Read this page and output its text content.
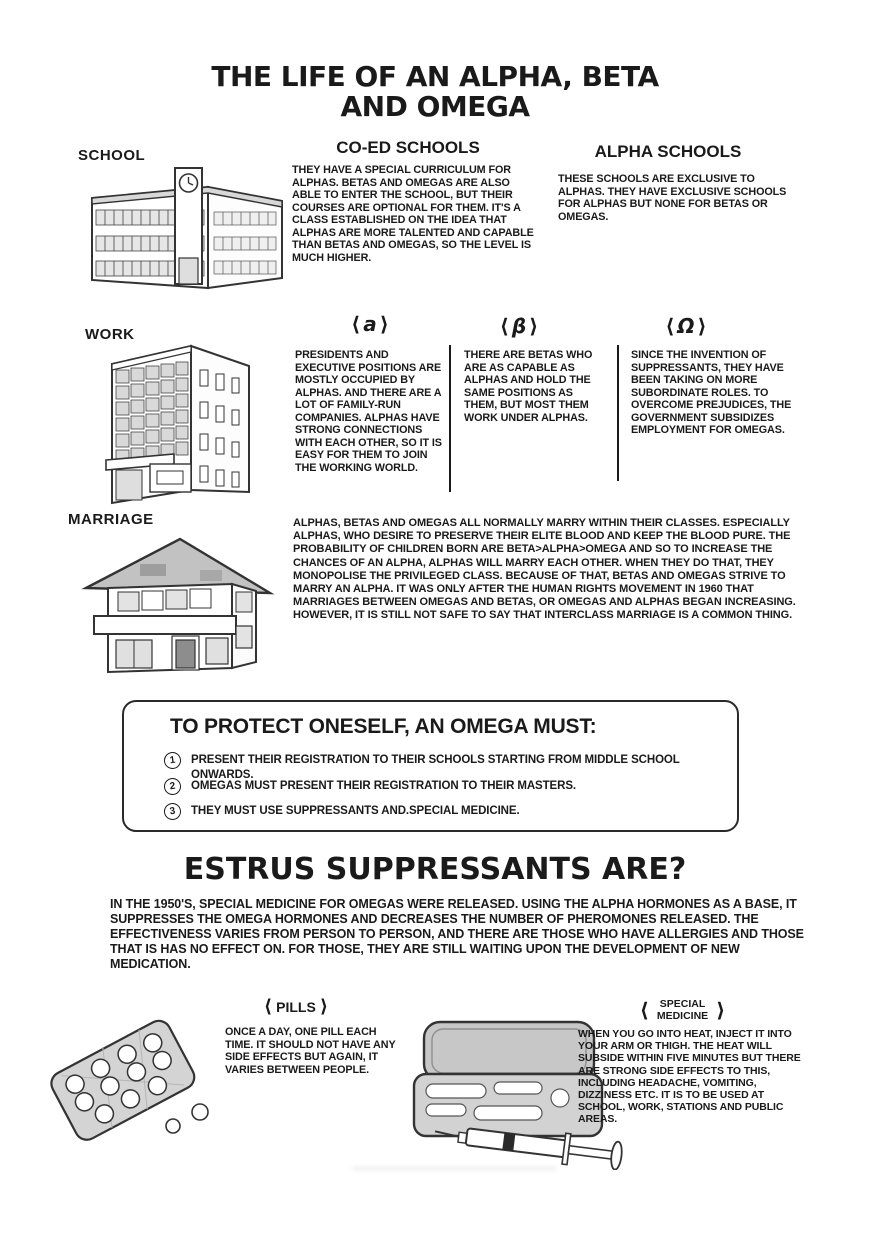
THE LIFE OF AN ALPHA, BETA
AND OMEGA
SCHOOL	CO-ED SCHOOLS
THEY HAVE A SPECIAL CURRICULUM FOR ALPHAS. BETAS AND OMEGAS ARE ALSO ABLE TO ENTER THE SCHOOL, BUT THEIR COURSES ARE OPTIONAL FOR THEM. IT'S A CLASS ESTABLISHED ON THE IDEA THAT ALPHAS ARE MORE TALENTED AND CAPABLE THAN BETAS AND OMEGAS, SO THE LEVEL IS MUCH HIGHER.
ALPHA SCHOOLS
THESE SCHOOLS ARE EXCLUSIVE TO ALPHAS. THEY HAVE EXCLUSIVE SCHOOLS FOR ALPHAS BUT NONE FOR BETAS OR OMEGAS.
WORK	⟨ a ⟩	⟨ β ⟩	⟨ Ω ⟩
PRESIDENTS AND EXECUTIVE POSITIONS ARE MOSTLY OCCUPIED BY ALPHAS. AND THERE ARE A LOT OF FAMILY-RUN COMPANIES. ALPHAS HAVE STRONG CONNECTIONS WITH EACH OTHER, SO IT IS EASY FOR THEM TO JOIN THE WORKING WORLD.
THERE ARE BETAS WHO ARE AS CAPABLE AS ALPHAS AND HOLD THE SAME POSITIONS AS THEM, BUT MOST THEM WORK UNDER ALPHAS.
SINCE THE INVENTION OF SUPPRESSANTS, THEY HAVE BEEN TAKING ON MORE SUBORDINATE ROLES. TO OVERCOME PREJUDICES, THE GOVERNMENT SUBSIDIZES EMPLOYMENT FOR OMEGAS.
MARRIAGE	ALPHAS, BETAS AND OMEGAS ALL NORMALLY MARRY WITHIN THEIR CLASSES. ESPECIALLY ALPHAS, WHO DESIRE TO PRESERVE THEIR ELITE BLOOD AND KEEP THE BLOOD PURE. THE PROBABILITY OF CHILDREN BORN ARE BETA>ALPHA>OMEGA AND SO TO INCREASE THE CHANCES OF AN ALPHA, ALPHAS WILL MARRY EACH OTHER. WHEN THEY DO THAT, THEY MONOPOLISE THE PRIVILEGED CLASS. BECAUSE OF THAT, BETAS AND OMEGAS STRIVE TO MARRY AN ALPHA. IT WAS ONLY AFTER THE HUMAN RIGHTS MOVEMENT IN 1960 THAT MARRIAGES BETWEEN OMEGAS AND BETAS, OR OMEGAS AND ALPHAS BEGAN INCREASING. HOWEVER, IT IS STILL NOT SAFE TO SAY THAT INTERCLASS MARRIAGE IS A COMMON THING.
TO PROTECT ONESELF, AN OMEGA MUST:
1	PRESENT THEIR REGISTRATION TO THEIR SCHOOLS STARTING FROM MIDDLE SCHOOL ONWARDS.
2	OMEGAS MUST PRESENT THEIR REGISTRATION TO THEIR MASTERS.
3	THEY MUST USE SUPPRESSANTS AND.SPECIAL MEDICINE.
ESTRUS SUPPRESSANTS ARE?
IN THE 1950'S, SPECIAL MEDICINE FOR OMEGAS WERE RELEASED. USING THE ALPHA HORMONES AS A BASE, IT SUPPRESSES THE OMEGA HORMONES AND DECREASES THE NUMBER OF PHEROMONES RELEASED. THE EFFECTIVENESS VARIES FROM PERSON TO PERSON, AND THERE ARE THOSE WHO HAVE ALLERGIES AND THOSE THAT IS HAS NO EFFECT ON. FOR THOSE, THEY ARE STILL WAITING UPON THE DEVELOPMENT OF NEW MEDICATION.
⟨ PILLS ⟩
ONCE A DAY, ONE PILL EACH TIME. IT SHOULD NOT HAVE ANY SIDE EFFECTS BUT AGAIN, IT VARIES BETWEEN PEOPLE.
⟨ SPECIAL
MEDICINE ⟩
WHEN YOU GO INTO HEAT, INJECT IT INTO YOUR ARM OR THIGH. THE HEAT WILL SUBSIDE WITHIN FIVE MINUTES BUT THERE ARE STRONG SIDE EFFECTS TO THIS, INCLUDING HEADACHE, VOMITING, DIZZINESS ETC. IT IS TO BE USED AT SCHOOL, WORK, STATIONS AND PUBLIC AREAS.
